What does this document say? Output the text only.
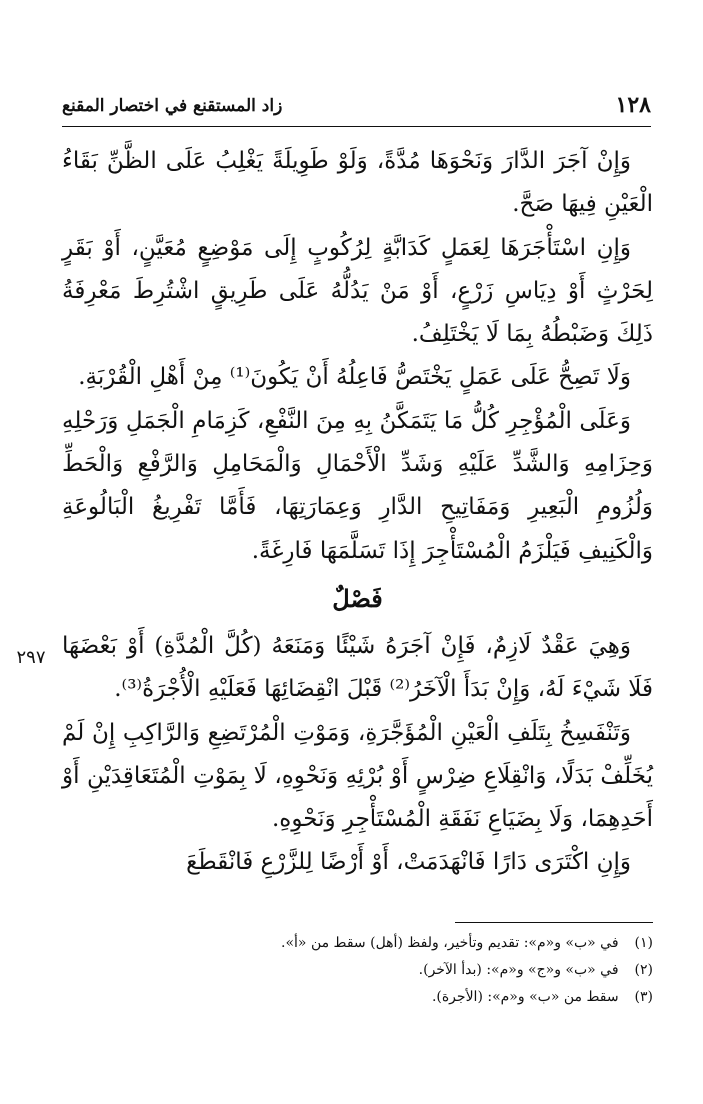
١٢٨
زاد المستقنع في اختصار المقنع

وَإِنْ آجَرَ الدَّارَ وَنَحْوَهَا مُدَّةً، وَلَوْ طَوِيلَةً يَغْلِبُ عَلَى الظَّنِّ بَقَاءُ الْعَيْنِ فِيهَا صَحَّ.

وَإِنِ اسْتَأْجَرَهَا لِعَمَلٍ كَدَابَّةٍ لِرُكُوبٍ إِلَى مَوْضِعٍ مُعَيَّنٍ، أَوْ بَقَرٍ لِحَرْثٍ أَوْ دِيَاسِ زَرْعٍ، أَوْ مَنْ يَدُلُّهُ عَلَى طَرِيقٍ اشْتُرِطَ مَعْرِفَةُ ذَلِكَ وَضَبْطُهُ بِمَا لَا يَخْتَلِفُ.

وَلَا تَصِحُّ عَلَى عَمَلٍ يَخْتَصُّ فَاعِلُهُ أَنْ يَكُونَ⁽¹⁾ مِنْ أَهْلِ الْقُرْبَةِ.

وَعَلَى الْمُؤْجِرِ كُلُّ مَا يَتَمَكَّنُ بِهِ مِنَ النَّفْعِ، كَزِمَامِ الْجَمَلِ وَرَحْلِهِ وَحِزَامِهِ وَالشَّدِّ عَلَيْهِ وَشَدِّ الْأَحْمَالِ وَالْمَحَامِلِ وَالرَّفْعِ وَالْحَطِّ وَلُزُومِ الْبَعِيرِ وَمَفَاتِيحِ الدَّارِ وَعِمَارَتِهَا، فَأَمَّا تَفْرِيغُ الْبَالُوعَةِ وَالْكَنِيفِ فَيَلْزَمُ الْمُسْتَأْجِرَ إِذَا تَسَلَّمَهَا فَارِغَةً.

فَصْلٌ

وَهِيَ عَقْدٌ لَازِمٌ، فَإِنْ آجَرَهُ شَيْئًا وَمَنَعَهُ (كُلَّ الْمُدَّةِ) أَوْ بَعْضَهَا فَلَا شَيْءَ لَهُ، وَإِنْ بَدَأَ الْآخَرُ⁽²⁾ قَبْلَ انْقِضَائِهَا فَعَلَيْهِ الْأُجْرَةُ⁽³⁾.

وَتَنْفَسِخُ بِتَلَفِ الْعَيْنِ الْمُؤَجَّرَةِ، وَمَوْتِ الْمُرْتَضِعِ وَالرَّاكِبِ إِنْ لَمْ يُخَلِّفْ بَدَلًا، وَانْقِلَاعِ ضِرْسٍ أَوْ بُرْئِهِ وَنَحْوِهِ، لَا بِمَوْتِ الْمُتَعَاقِدَيْنِ أَوْ أَحَدِهِمَا، وَلَا بِضَيَاعِ نَفَقَةِ الْمُسْتَأْجِرِ وَنَحْوِهِ.

وَإِنِ اكْتَرَى دَارًا فَانْهَدَمَتْ، أَوْ أَرْضًا لِلزَّرْعِ فَانْقَطَعَ

٢٩٧
(١) في «ب» و«م»: تقديم وتأخير، ولفظ (أهل) سقط من «أ».
(٢) في «ب» و«ج» و«م»: (بدأ الآخر).
(٣) سقط من «ب» و«م»: (الأجرة).
